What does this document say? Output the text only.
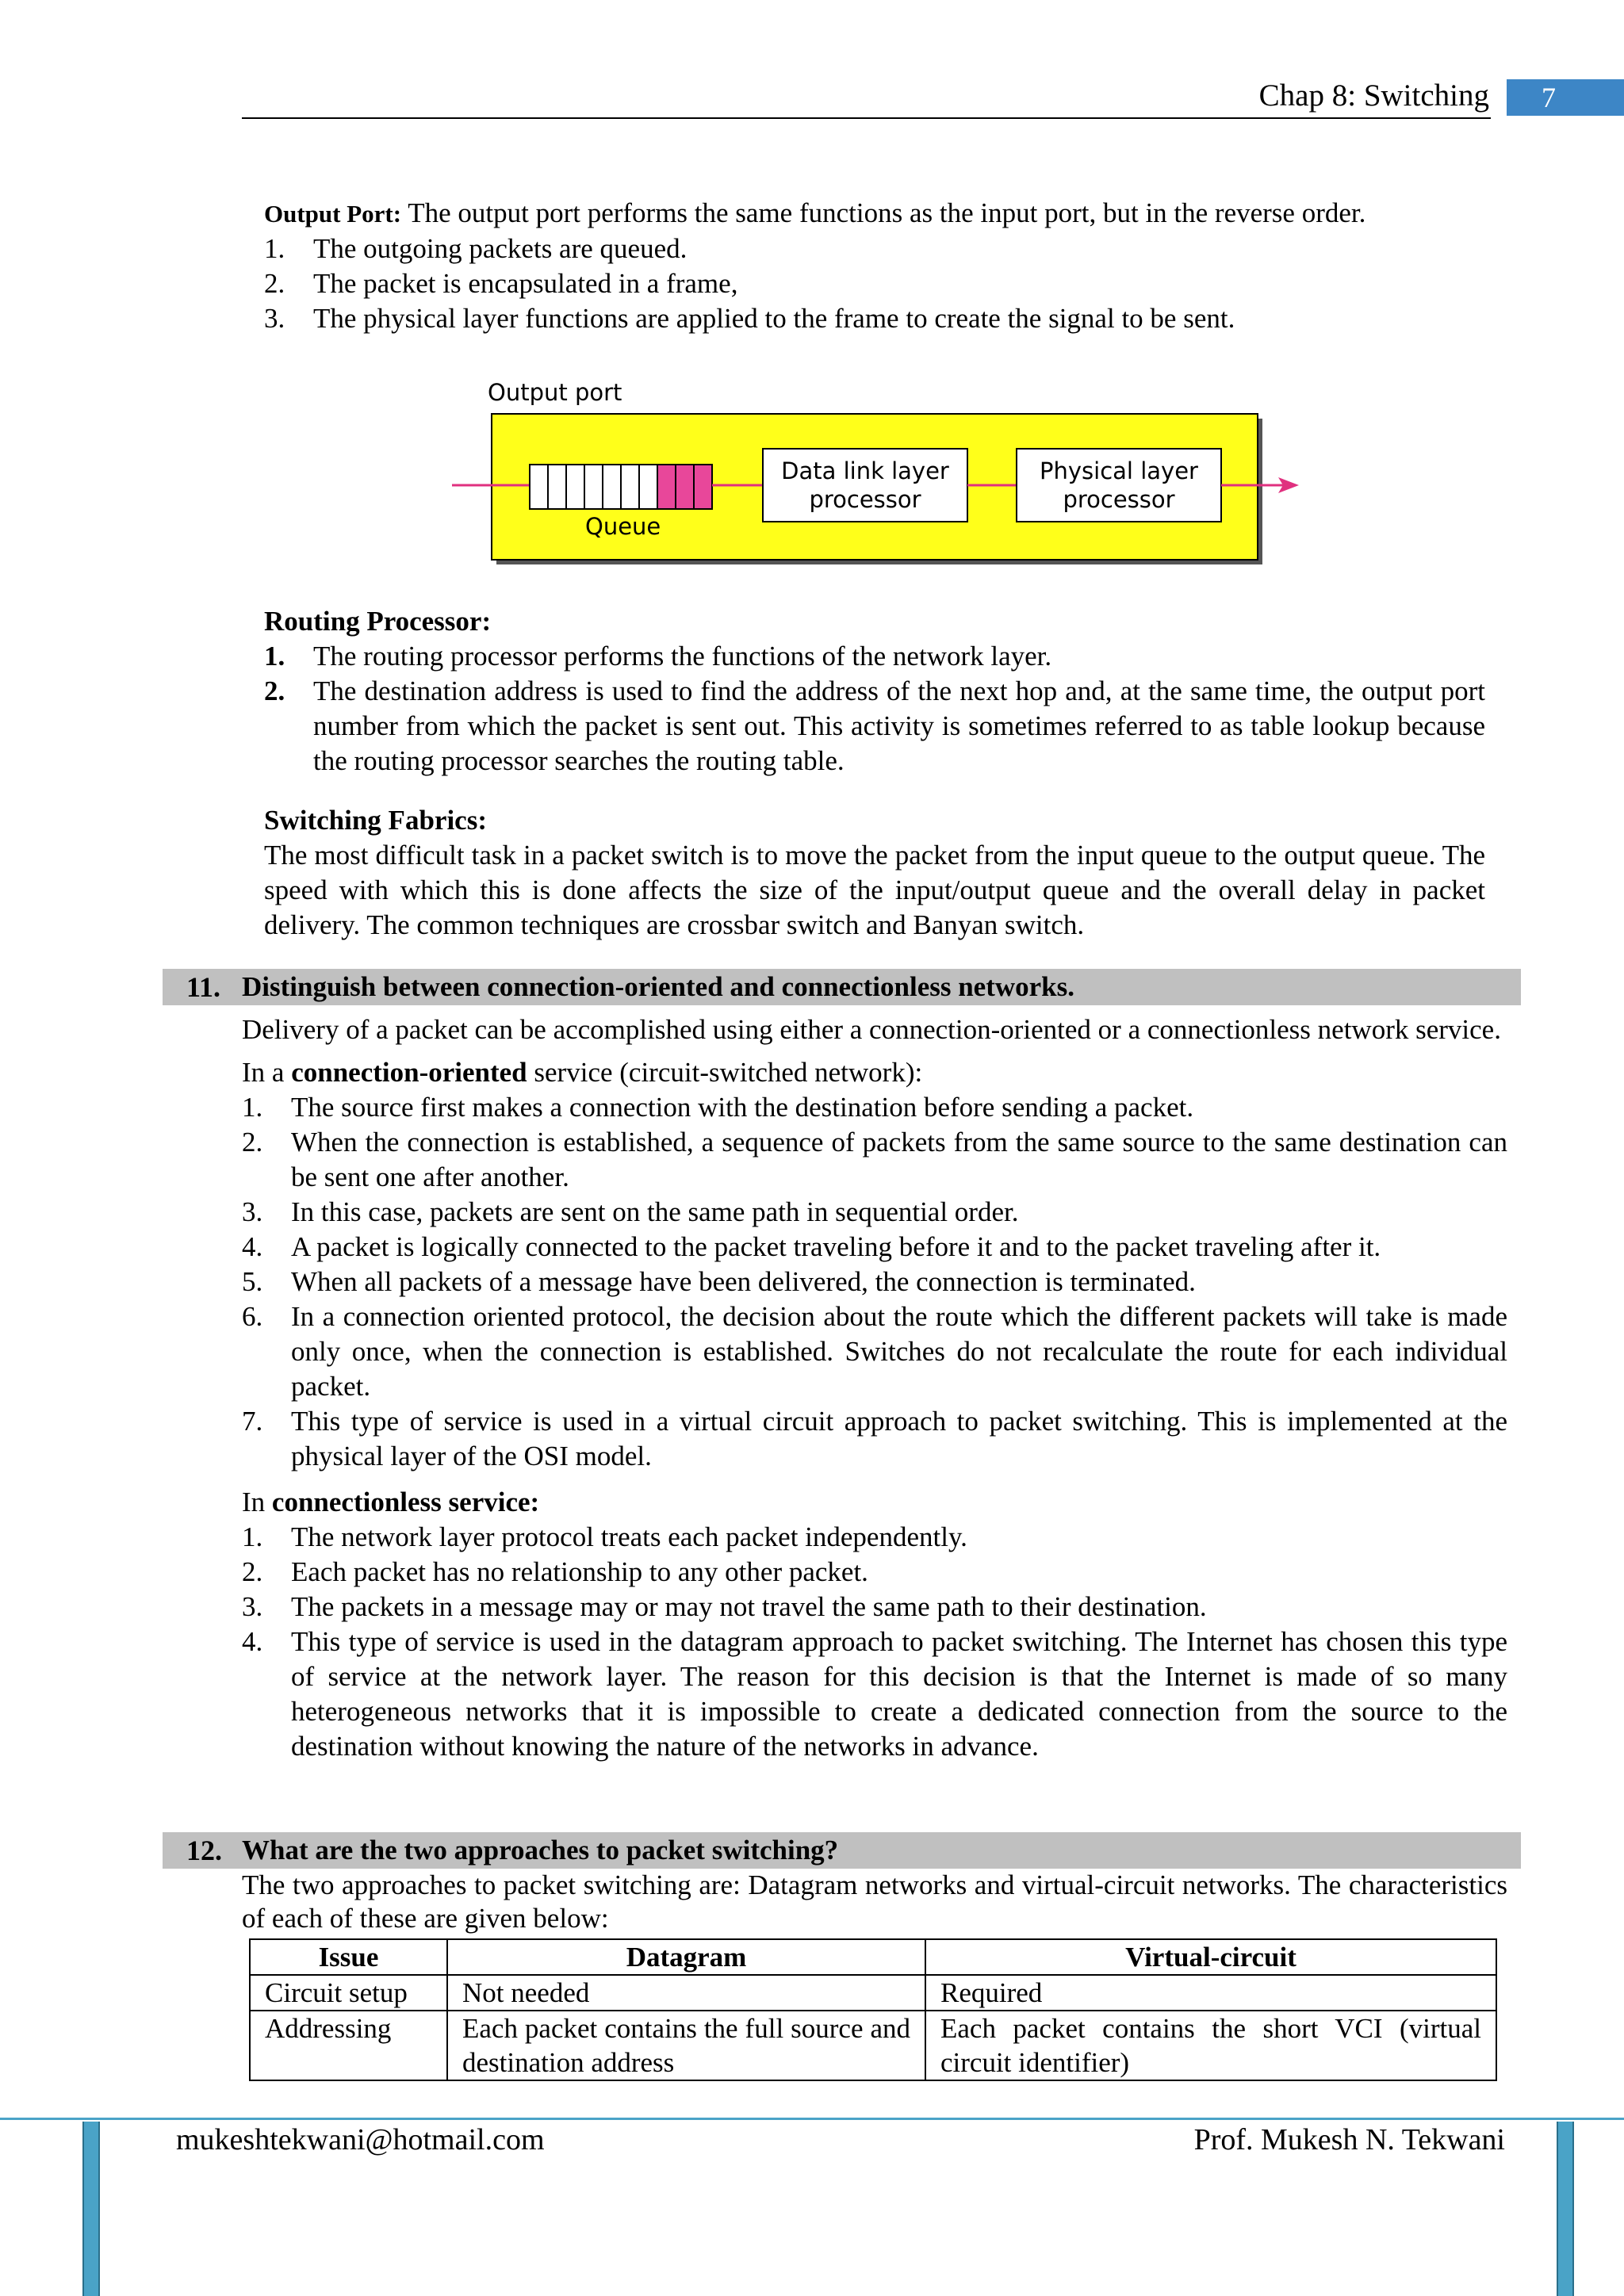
Chap 8: Switching	7
Output Port: The output port performs the same functions as the input port, but in the reverse order.
1.	The outgoing packets are queued.
2.	The packet is encapsulated in a frame,
3.	The physical layer functions are applied to the frame to create the signal to be sent.
Output port
Queue
Data link layer
processor
Physical layer
processor
Routing Processor:
1.	The routing processor performs the functions of the network layer.
2.	The destination address is used to find the address of the next hop and, at the same time, the output port number from which the packet is sent out. This activity is sometimes referred to as table lookup because the routing processor searches the routing table.
Switching Fabrics:
The most difficult task in a packet switch is to move the packet from the input queue to the output queue. The speed with which this is done affects the size of the input/output queue and the overall delay in packet delivery. The common techniques are crossbar switch and Banyan switch.
11. Distinguish between connection-oriented and connectionless networks.
Delivery of a packet can be accomplished using either a connection-oriented or a connectionless network service.
In a connection-oriented service (circuit-switched network):
1.	The source first makes a connection with the destination before sending a packet.
2.	When the connection is established, a sequence of packets from the same source to the same destination can be sent one after another.
3.	In this case, packets are sent on the same path in sequential order.
4.	A packet is logically connected to the packet traveling before it and to the packet traveling after it.
5.	When all packets of a message have been delivered, the connection is terminated.
6.	In a connection oriented protocol, the decision about the route which the different packets will take is made only once, when the connection is established. Switches do not recalculate the route for each individual packet.
7.	This type of service is used in a virtual circuit approach to packet switching. This is implemented at the physical layer of the OSI model.
In connectionless service:
1.	The network layer protocol treats each packet independently.
2.	Each packet has no relationship to any other packet.
3.	The packets in a message may or may not travel the same path to their destination.
4.	This type of service is used in the datagram approach to packet switching. The Internet has chosen this type of service at the network layer. The reason for this decision is that the Internet is made of so many heterogeneous networks that it is impossible to create a dedicated connection from the source to the destination without knowing the nature of the networks in advance.
12. What are the two approaches to packet switching?
The two approaches to packet switching are: Datagram networks and virtual-circuit networks. The characteristics of each of these are given below:
Issue	Datagram	Virtual-circuit
Circuit setup	Not needed	Required
Addressing	Each packet contains the full source and destination address	Each packet contains the short VCI (virtual circuit identifier)
mukeshtekwani@hotmail.com	Prof. Mukesh N. Tekwani
